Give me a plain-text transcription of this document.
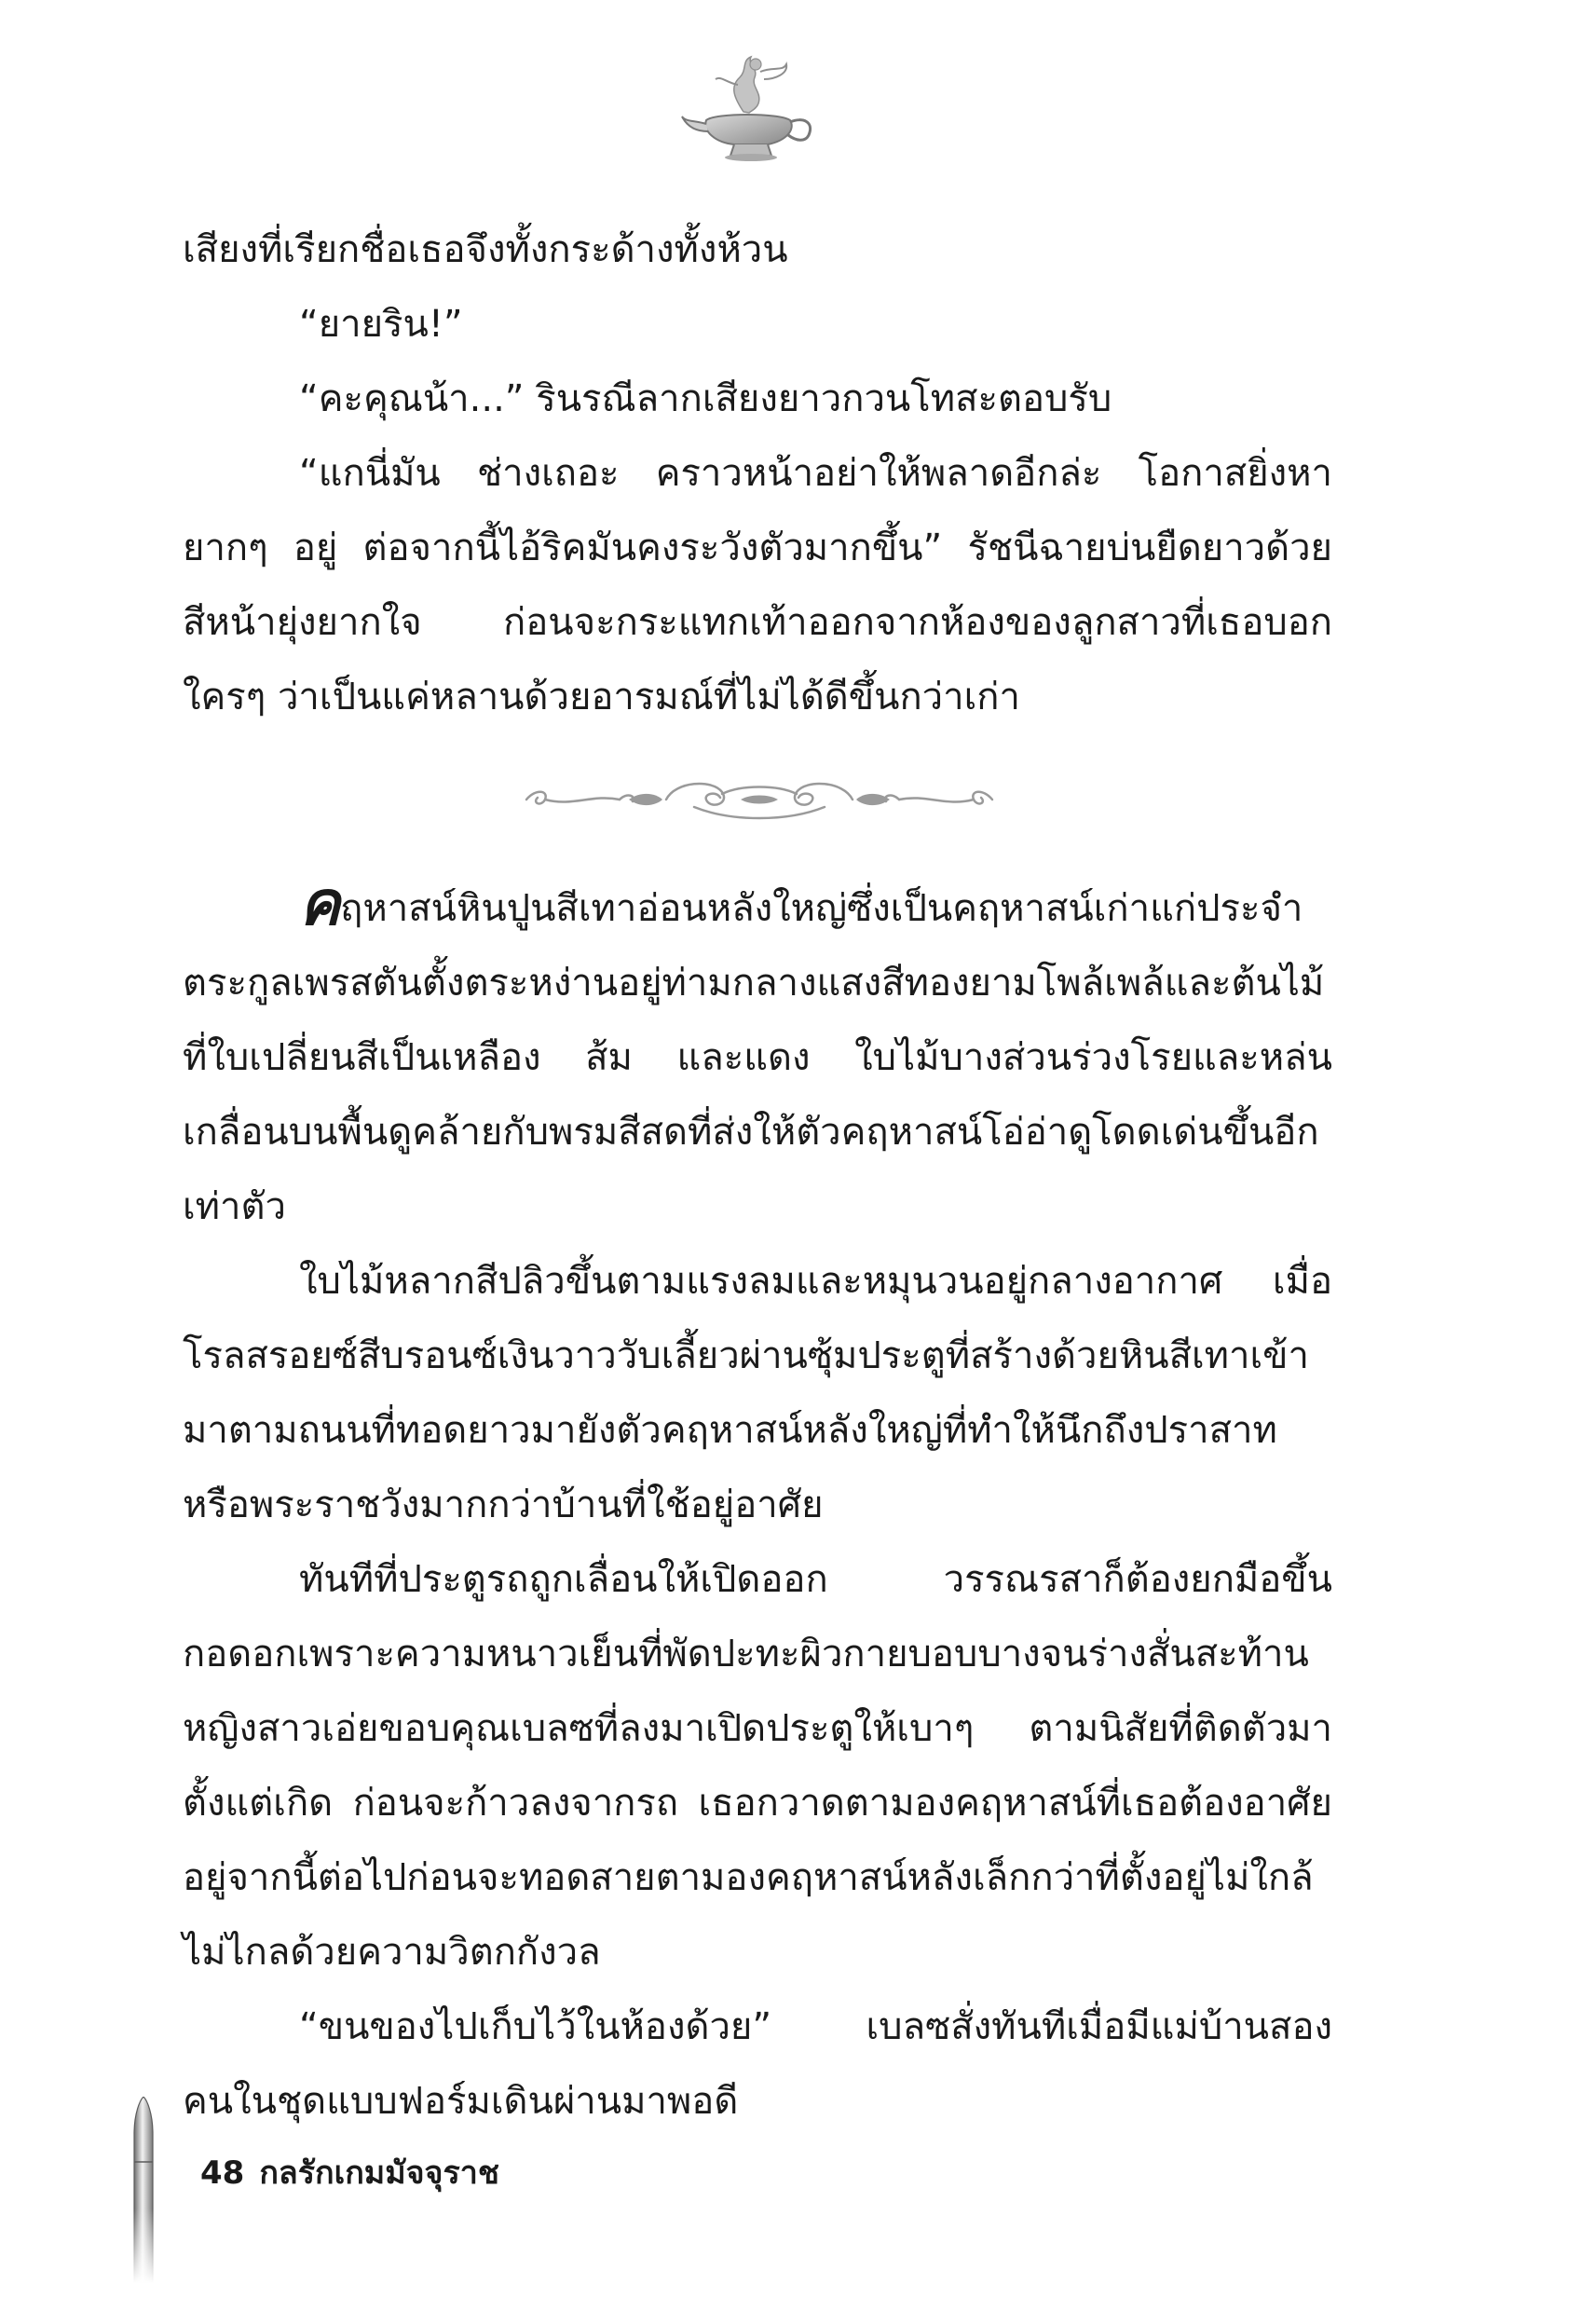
เสียงที่เรียกชื่อเธอจึงทั้งกระด้างทั้งห้วน

“ยายริน!”

“คะคุณน้า...” รินรณีลากเสียงยาวกวนโทสะตอบรับ

“แกนี่มัน ช่างเถอะ คราวหน้าอย่าให้พลาดอีกล่ะ โอกาสยิ่งหายากๆ อยู่ ต่อจากนี้ไอ้ริคมันคงระวังตัวมากขึ้น” รัชนีฉายบ่นยืดยาวด้วยสีหน้ายุ่งยากใจ ก่อนจะกระแทกเท้าออกจากห้องของลูกสาวที่เธอบอกใครๆ ว่าเป็นแค่หลานด้วยอารมณ์ที่ไม่ได้ดีขึ้นกว่าเก่า

คฤหาสน์หินปูนสีเทาอ่อนหลังใหญ่ซึ่งเป็นคฤหาสน์เก่าแก่ประจำตระกูลเพรสตันตั้งตระหง่านอยู่ท่ามกลางแสงสีทองยามโพล้เพล้และต้นไม้ที่ใบเปลี่ยนสีเป็นเหลือง ส้ม และแดง ใบไม้บางส่วนร่วงโรยและหล่นเกลื่อนบนพื้นดูคล้ายกับพรมสีสดที่ส่งให้ตัวคฤหาสน์โอ่อ่าดูโดดเด่นขึ้นอีกเท่าตัว

ใบไม้หลากสีปลิวขึ้นตามแรงลมและหมุนวนอยู่กลางอากาศ เมื่อโรลสรอยซ์สีบรอนซ์เงินวาววับเลี้ยวผ่านซุ้มประตูที่สร้างด้วยหินสีเทาเข้ามาตามถนนที่ทอดยาวมายังตัวคฤหาสน์หลังใหญ่ที่ทำให้นึกถึงปราสาทหรือพระราชวังมากกว่าบ้านที่ใช้อยู่อาศัย

ทันทีที่ประตูรถถูกเลื่อนให้เปิดออก วรรณรสาก็ต้องยกมือขึ้นกอดอกเพราะความหนาวเย็นที่พัดปะทะผิวกายบอบบางจนร่างสั่นสะท้านหญิงสาวเอ่ยขอบคุณเบลซที่ลงมาเปิดประตูให้เบาๆ ตามนิสัยที่ติดตัวมาตั้งแต่เกิด ก่อนจะก้าวลงจากรถ เธอกวาดตามองคฤหาสน์ที่เธอต้องอาศัยอยู่จากนี้ต่อไปก่อนจะทอดสายตามองคฤหาสน์หลังเล็กกว่าที่ตั้งอยู่ไม่ใกล้ไม่ไกลด้วยความวิตกกังวล

“ขนของไปเก็บไว้ในห้องด้วย” เบลซสั่งทันทีเมื่อมีแม่บ้านสองคนในชุดแบบฟอร์มเดินผ่านมาพอดี

48 กลรักเกมมัจจุราช
